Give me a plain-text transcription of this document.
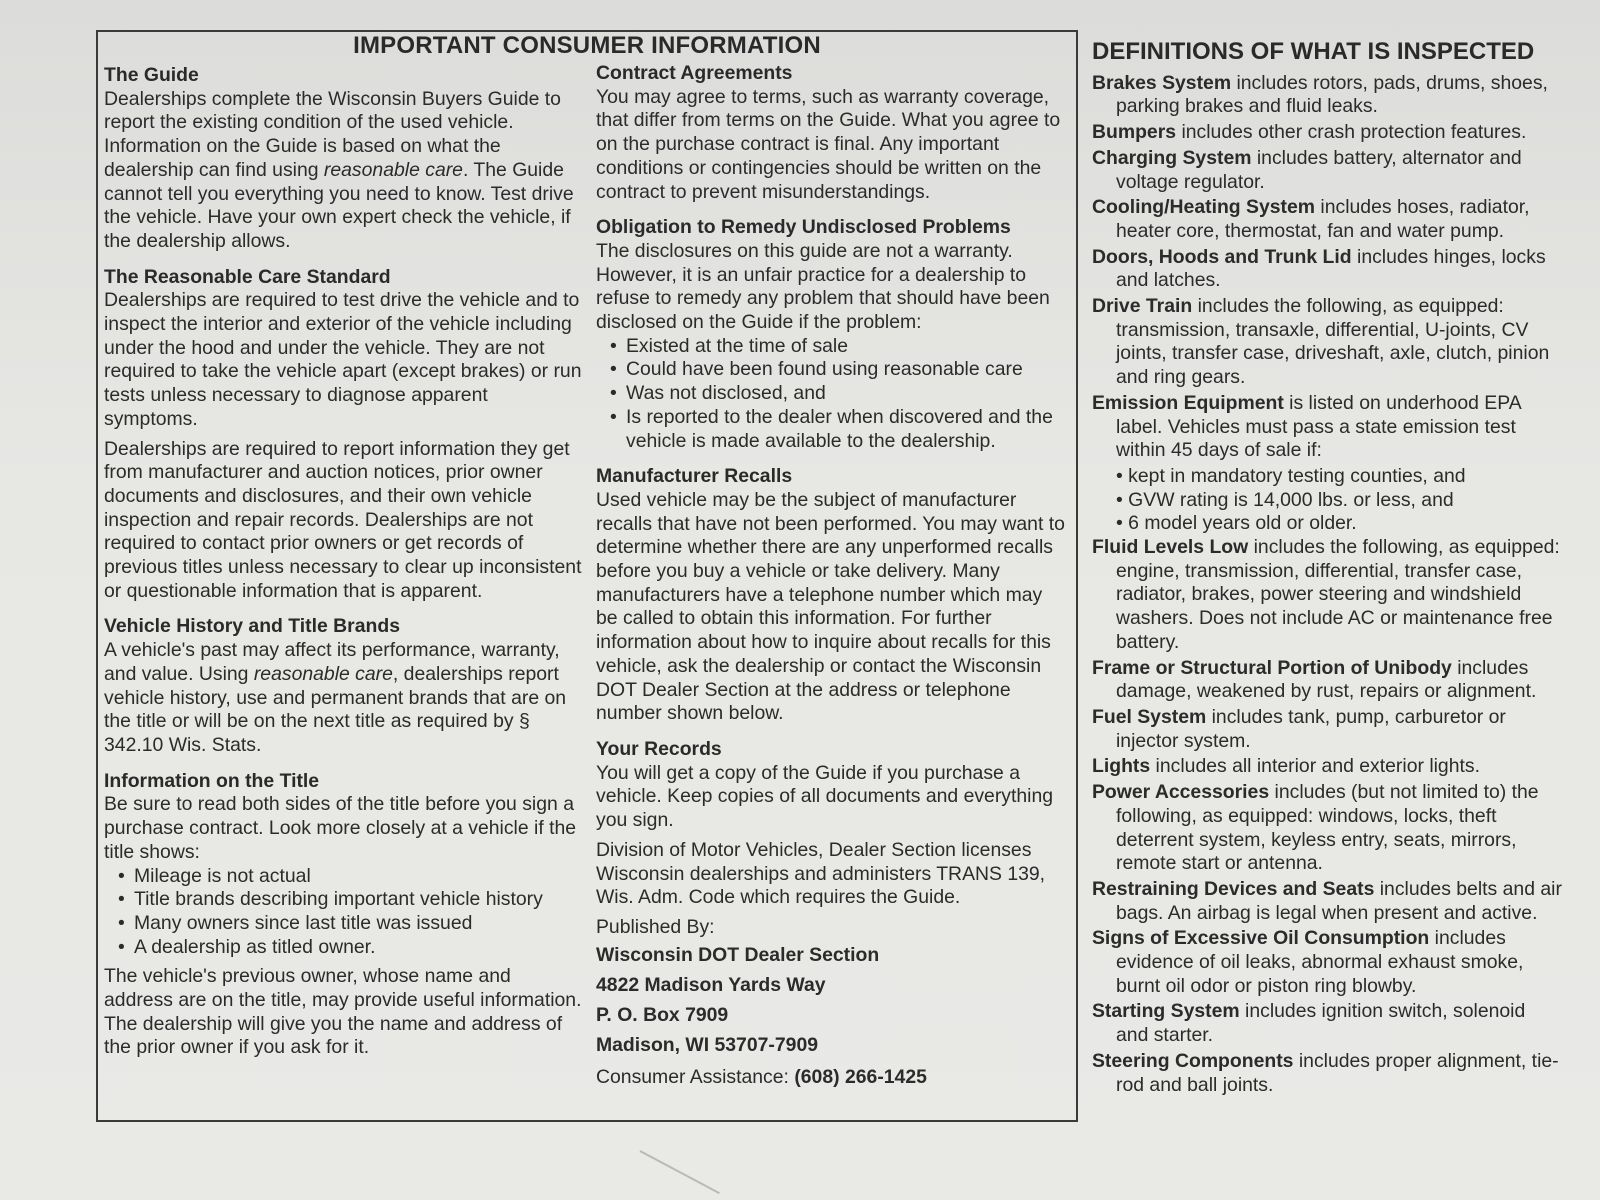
IMPORTANT CONSUMER INFORMATION

The Guide

Dealerships complete the Wisconsin Buyers Guide to report the existing condition of the used vehicle. Information on the Guide is based on what the dealership can find using reasonable care. The Guide cannot tell you everything you need to know. Test drive the vehicle. Have your own expert check the vehicle, if the dealership allows.

The Reasonable Care Standard

Dealerships are required to test drive the vehicle and to inspect the interior and exterior of the vehicle including under the hood and under the vehicle. They are not required to take the vehicle apart (except brakes) or run tests unless necessary to diagnose apparent symptoms.

Dealerships are required to report information they get from manufacturer and auction notices, prior owner documents and disclosures, and their own vehicle inspection and repair records. Dealerships are not required to contact prior owners or get records of previous titles unless necessary to clear up inconsistent or questionable information that is apparent.

Vehicle History and Title Brands

A vehicle's past may affect its performance, warranty, and value. Using reasonable care, dealerships report vehicle history, use and permanent brands that are on the title or will be on the next title as required by § 342.10 Wis. Stats.

Information on the Title

Be sure to read both sides of the title before you sign a purchase contract. Look more closely at a vehicle if the title shows:

• Mileage is not actual
• Title brands describing important vehicle history
• Many owners since last title was issued
• A dealership as titled owner.

The vehicle's previous owner, whose name and address are on the title, may provide useful information. The dealership will give you the name and address of the prior owner if you ask for it.

Contract Agreements

You may agree to terms, such as warranty coverage, that differ from terms on the Guide. What you agree to on the purchase contract is final. Any important conditions or contingencies should be written on the contract to prevent misunderstandings.

Obligation to Remedy Undisclosed Problems

The disclosures on this guide are not a warranty. However, it is an unfair practice for a dealership to refuse to remedy any problem that should have been disclosed on the Guide if the problem:

• Existed at the time of sale
• Could have been found using reasonable care
• Was not disclosed, and
• Is reported to the dealer when discovered and the vehicle is made available to the dealership.

Manufacturer Recalls

Used vehicle may be the subject of manufacturer recalls that have not been performed. You may want to determine whether there are any unperformed recalls before you buy a vehicle or take delivery. Many manufacturers have a telephone number which may be called to obtain this information. For further information about how to inquire about recalls for this vehicle, ask the dealership or contact the Wisconsin DOT Dealer Section at the address or telephone number shown below.

Your Records

You will get a copy of the Guide if you purchase a vehicle. Keep copies of all documents and everything you sign.

Division of Motor Vehicles, Dealer Section licenses Wisconsin dealerships and administers TRANS 139, Wis. Adm. Code which requires the Guide.

Published By:

Wisconsin DOT Dealer Section

4822 Madison Yards Way

P. O. Box 7909

Madison, WI 53707-7909

Consumer Assistance: (608) 266-1425

DEFINITIONS OF WHAT IS INSPECTED

Brakes System includes rotors, pads, drums, shoes, parking brakes and fluid leaks.

Bumpers includes other crash protection features.

Charging System includes battery, alternator and voltage regulator.

Cooling/Heating System includes hoses, radiator, heater core, thermostat, fan and water pump.

Doors, Hoods and Trunk Lid includes hinges, locks and latches.

Drive Train includes the following, as equipped: transmission, transaxle, differential, U-joints, CV joints, transfer case, driveshaft, axle, clutch, pinion and ring gears.

Emission Equipment is listed on underhood EPA label. Vehicles must pass a state emission test within 45 days of sale if:

• kept in mandatory testing counties, and
• GVW rating is 14,000 lbs. or less, and
• 6 model years old or older.

Fluid Levels Low includes the following, as equipped: engine, transmission, differential, transfer case, radiator, brakes, power steering and windshield washers. Does not include AC or maintenance free battery.

Frame or Structural Portion of Unibody includes damage, weakened by rust, repairs or alignment.

Fuel System includes tank, pump, carburetor or injector system.

Lights includes all interior and exterior lights.

Power Accessories includes (but not limited to) the following, as equipped: windows, locks, theft deterrent system, keyless entry, seats, mirrors, remote start or antenna.

Restraining Devices and Seats includes belts and air bags. An airbag is legal when present and active.

Signs of Excessive Oil Consumption includes evidence of oil leaks, abnormal exhaust smoke, burnt oil odor or piston ring blowby.

Starting System includes ignition switch, solenoid and starter.

Steering Components includes proper alignment, tie-rod and ball joints.
